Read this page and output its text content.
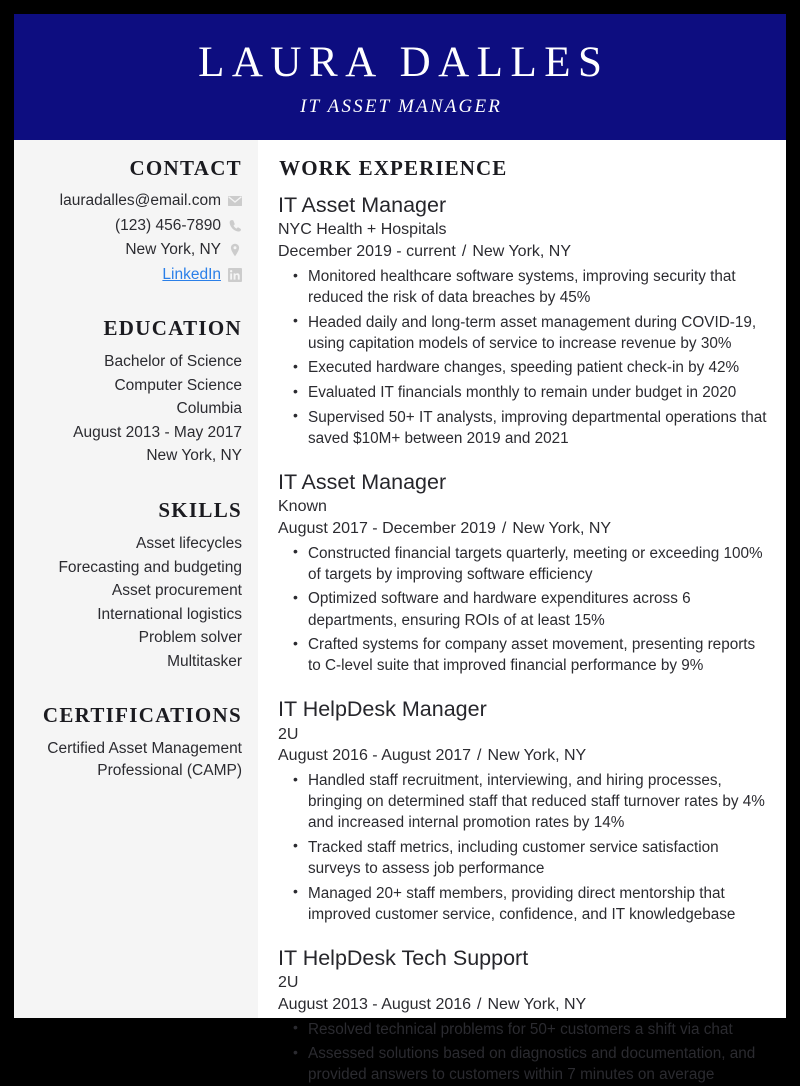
LAURA DALLES
IT ASSET MANAGER
CONTACT
lauradalles@email.com
(123) 456-7890
New York, NY
LinkedIn
EDUCATION
Bachelor of Science
Computer Science
Columbia
August 2013 - May 2017
New York, NY
SKILLS
Asset lifecycles
Forecasting and budgeting
Asset procurement
International logistics
Problem solver
Multitasker
CERTIFICATIONS
Certified Asset Management Professional (CAMP)
WORK EXPERIENCE
IT Asset Manager
NYC Health + Hospitals
December 2019 - current / New York, NY
• Monitored healthcare software systems, improving security that reduced the risk of data breaches by 45%
• Headed daily and long-term asset management during COVID-19, using capitation models of service to increase revenue by 30%
• Executed hardware changes, speeding patient check-in by 42%
• Evaluated IT financials monthly to remain under budget in 2020
• Supervised 50+ IT analysts, improving departmental operations that saved $10M+ between 2019 and 2021
IT Asset Manager
Known
August 2017 - December 2019 / New York, NY
• Constructed financial targets quarterly, meeting or exceeding 100% of targets by improving software efficiency
• Optimized software and hardware expenditures across 6 departments, ensuring ROIs of at least 15%
• Crafted systems for company asset movement, presenting reports to C-level suite that improved financial performance by 9%
IT HelpDesk Manager
2U
August 2016 - August 2017 / New York, NY
• Handled staff recruitment, interviewing, and hiring processes, bringing on determined staff that reduced staff turnover rates by 4% and increased internal promotion rates by 14%
• Tracked staff metrics, including customer service satisfaction surveys to assess job performance
• Managed 20+ staff members, providing direct mentorship that improved customer service, confidence, and IT knowledgebase
IT HelpDesk Tech Support
2U
August 2013 - August 2016 / New York, NY
• Resolved technical problems for 50+ customers a shift via chat
• Assessed solutions based on diagnostics and documentation, and provided answers to customers within 7 minutes on average
